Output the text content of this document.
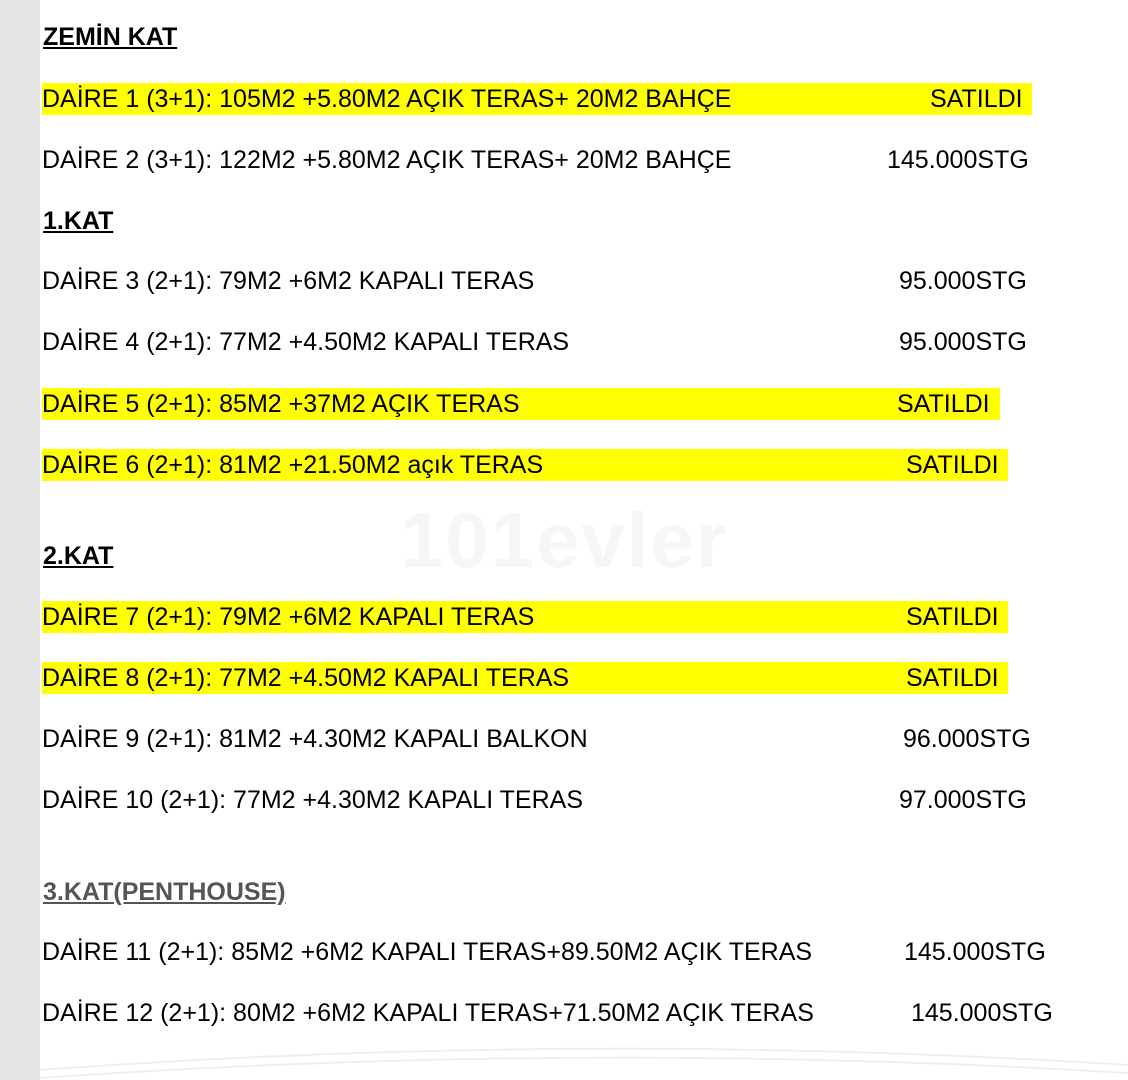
101evler
ZEMİN KAT
DAİRE 1 (3+1): 105M2 +5.80M2 AÇIK TERAS+ 20M2 BAHÇE	SATILDI
DAİRE 2 (3+1): 122M2 +5.80M2 AÇIK TERAS+ 20M2 BAHÇE	145.000STG
1.KAT
DAİRE 3 (2+1): 79M2 +6M2 KAPALI TERAS	95.000STG
DAİRE 4 (2+1): 77M2 +4.50M2 KAPALI TERAS	95.000STG
DAİRE 5 (2+1): 85M2 +37M2 AÇIK TERAS	SATILDI
DAİRE 6 (2+1): 81M2 +21.50M2 açık TERAS	SATILDI
2.KAT
DAİRE 7 (2+1): 79M2 +6M2 KAPALI TERAS	SATILDI
DAİRE 8 (2+1): 77M2 +4.50M2 KAPALI TERAS	SATILDI
DAİRE 9 (2+1): 81M2 +4.30M2 KAPALI BALKON	96.000STG
DAİRE 10 (2+1): 77M2 +4.30M2 KAPALI TERAS	97.000STG
3.KAT(PENTHOUSE)
DAİRE 11 (2+1): 85M2 +6M2 KAPALI TERAS+89.50M2 AÇIK TERAS	145.000STG
DAİRE 12 (2+1): 80M2 +6M2 KAPALI TERAS+71.50M2 AÇIK TERAS	145.000STG
